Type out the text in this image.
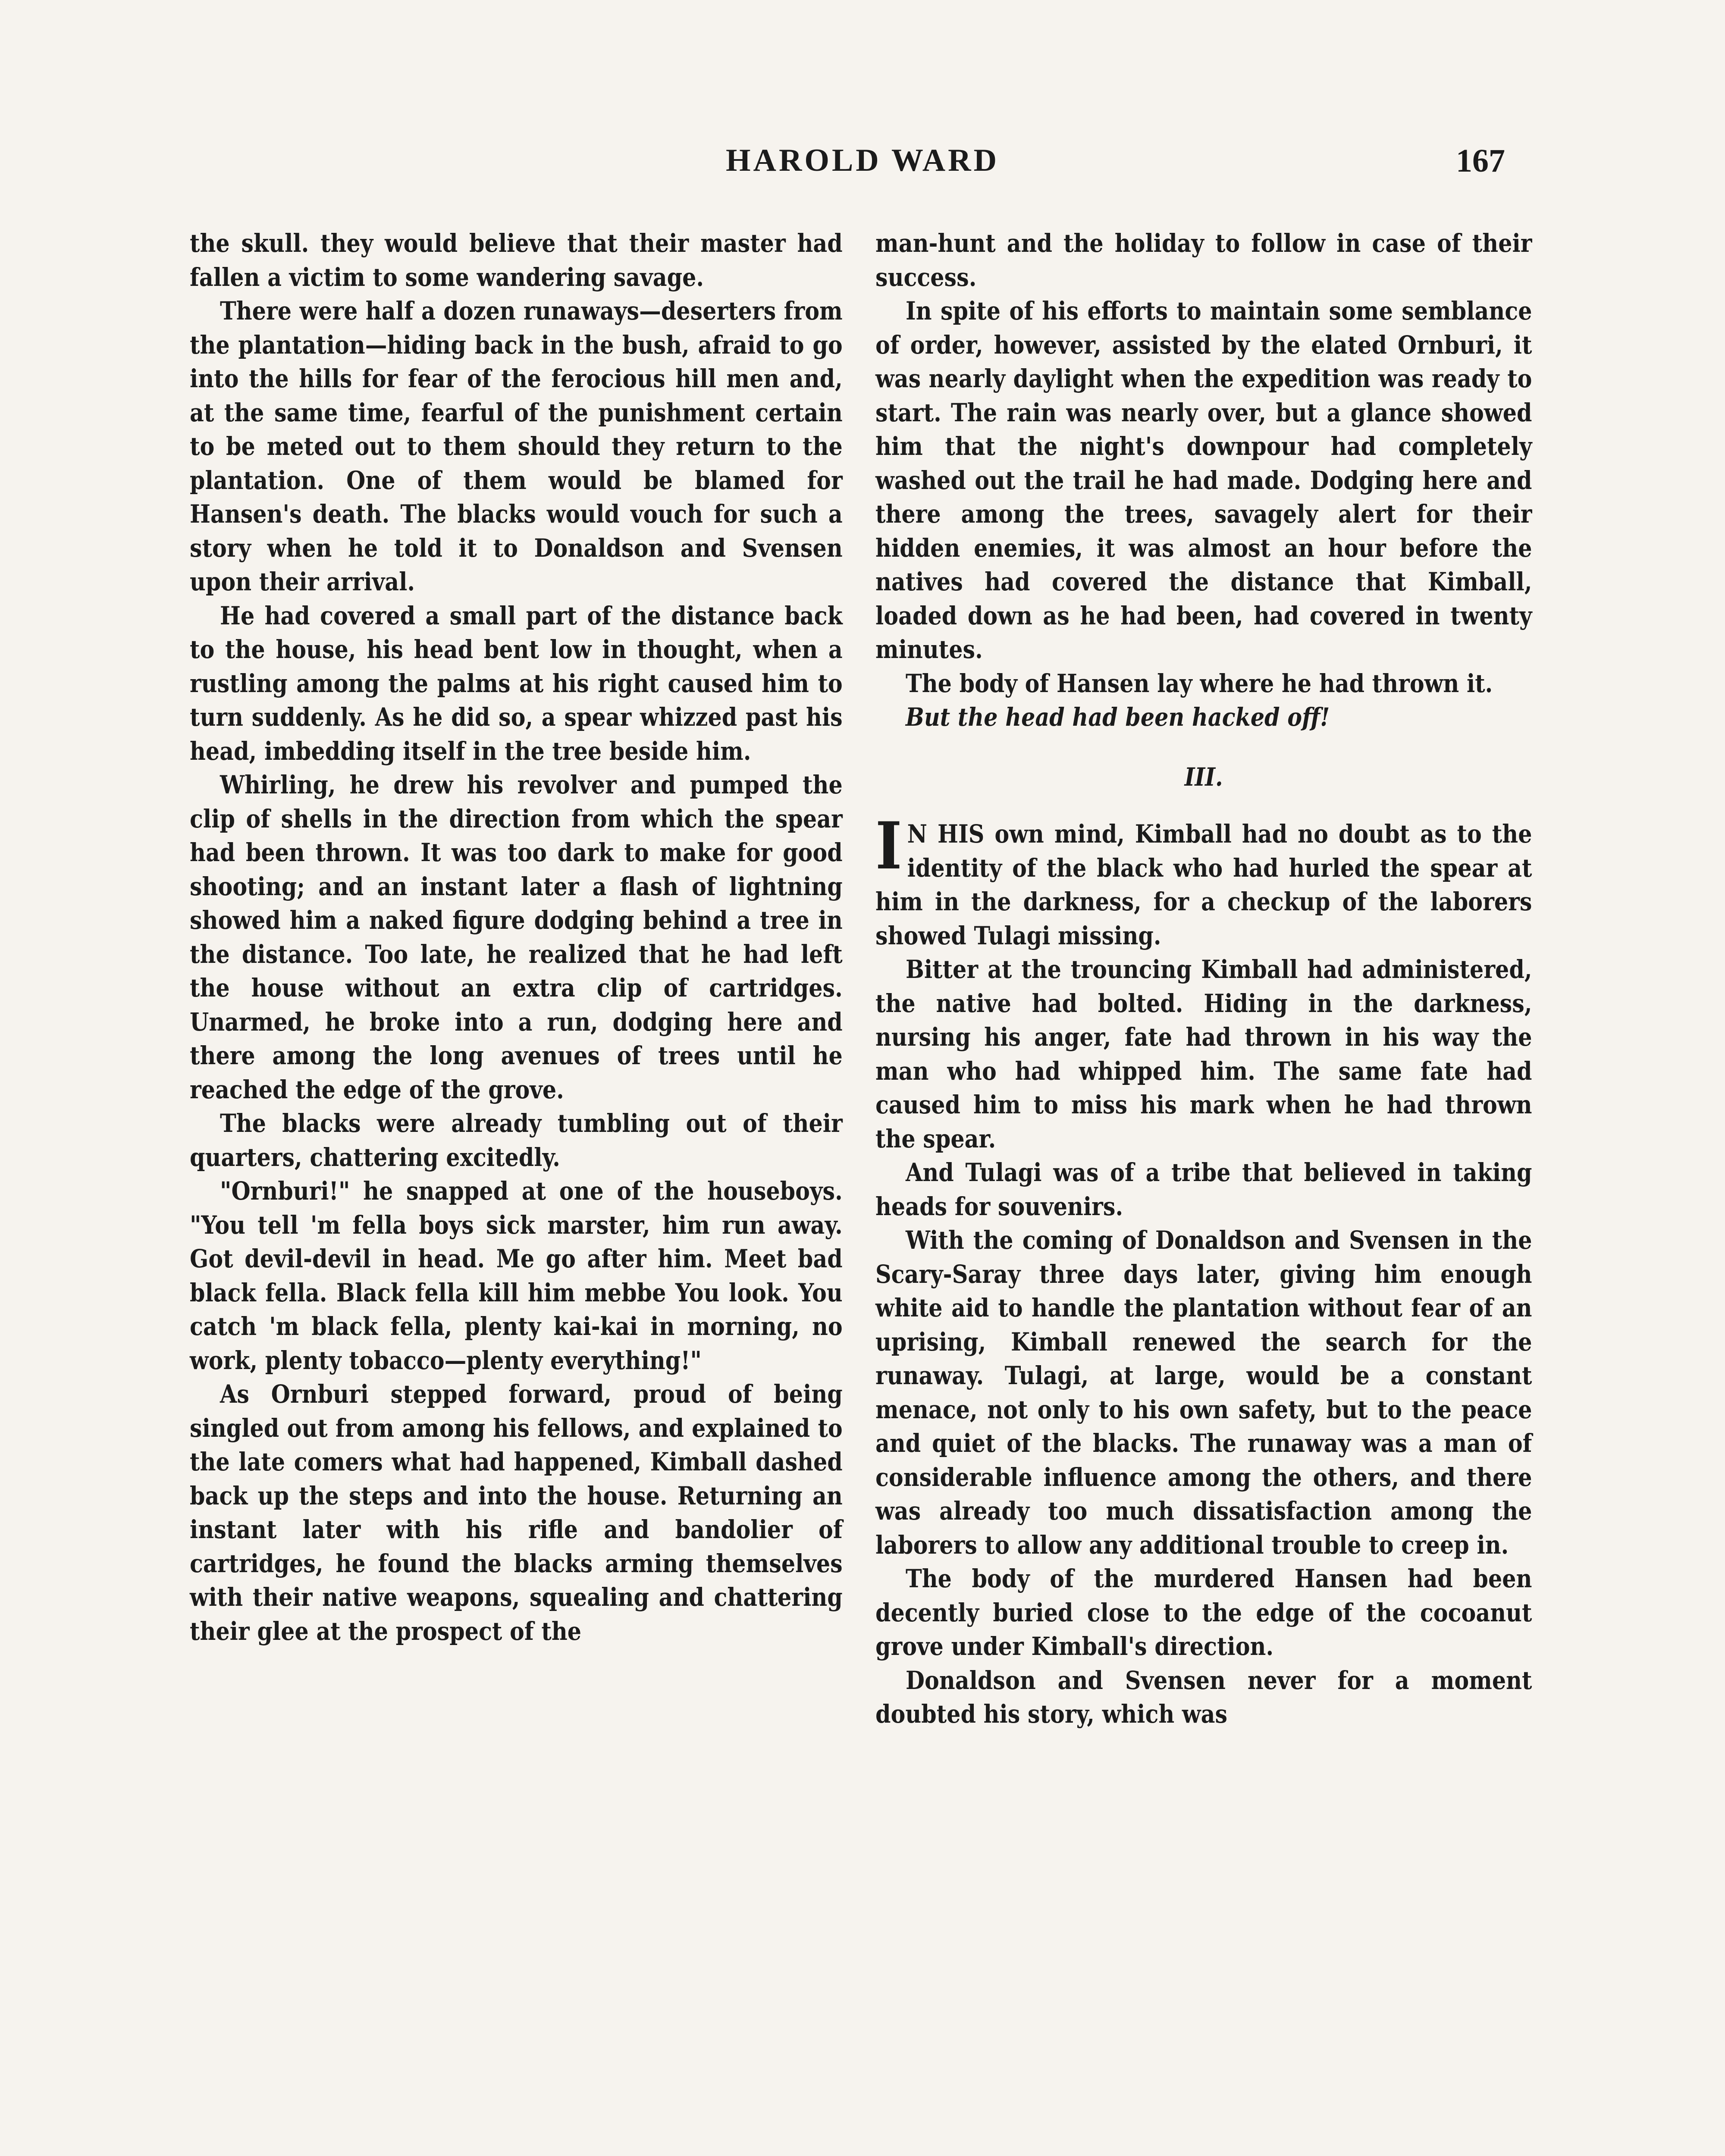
HAROLD WARD	167

the skull. they would believe that their master had fallen a victim to some wandering savage.

There were half a dozen runaways—deserters from the plantation—hiding back in the bush, afraid to go into the hills for fear of the ferocious hill men and, at the same time, fearful of the punishment certain to be meted out to them should they return to the plantation. One of them would be blamed for Hansen's death. The blacks would vouch for such a story when he told it to Donaldson and Svensen upon their arrival.

He had covered a small part of the distance back to the house, his head bent low in thought, when a rustling among the palms at his right caused him to turn suddenly. As he did so, a spear whizzed past his head, imbedding itself in the tree beside him.

Whirling, he drew his revolver and pumped the clip of shells in the direction from which the spear had been thrown. It was too dark to make for good shooting; and an instant later a flash of lightning showed him a naked figure dodging behind a tree in the distance. Too late, he realized that he had left the house without an extra clip of cartridges. Unarmed, he broke into a run, dodging here and there among the long avenues of trees until he reached the edge of the grove.

The blacks were already tumbling out of their quarters, chattering excitedly.

"Ornburi!" he snapped at one of the houseboys. "You tell 'm fella boys sick marster, him run away. Got devil-devil in head. Me go after him. Meet bad black fella. Black fella kill him mebbe You look. You catch 'm black fella, plenty kai-kai in morning, no work, plenty tobacco—plenty everything!"

As Ornburi stepped forward, proud of being singled out from among his fellows, and explained to the late comers what had happened, Kimball dashed back up the steps and into the house. Returning an instant later with his rifle and bandolier of cartridges, he found the blacks arming themselves with their native weapons, squealing and chattering their glee at the prospect of the

man-hunt and the holiday to follow in case of their success.

In spite of his efforts to maintain some semblance of order, however, assisted by the elated Ornburi, it was nearly daylight when the expedition was ready to start. The rain was nearly over, but a glance showed him that the night's downpour had completely washed out the trail he had made. Dodging here and there among the trees, savagely alert for their hidden enemies, it was almost an hour before the natives had covered the distance that Kimball, loaded down as he had been, had covered in twenty minutes.

The body of Hansen lay where he had thrown it.

But the head had been hacked off!

III.

I N HIS own mind, Kimball had no doubt as to the identity of the black who had hurled the spear at him in the darkness, for a checkup of the laborers showed Tulagi missing.

Bitter at the trouncing Kimball had administered, the native had bolted. Hiding in the darkness, nursing his anger, fate had thrown in his way the man who had whipped him. The same fate had caused him to miss his mark when he had thrown the spear.

And Tulagi was of a tribe that believed in taking heads for souvenirs.

With the coming of Donaldson and Svensen in the Scary-Saray three days later, giving him enough white aid to handle the plantation without fear of an uprising, Kimball renewed the search for the runaway. Tulagi, at large, would be a constant menace, not only to his own safety, but to the peace and quiet of the blacks. The runaway was a man of considerable influence among the others, and there was already too much dissatisfaction among the laborers to allow any additional trouble to creep in.

The body of the murdered Hansen had been decently buried close to the edge of the cocoanut grove under Kimball's direction.

Donaldson and Svensen never for a moment doubted his story, which was
